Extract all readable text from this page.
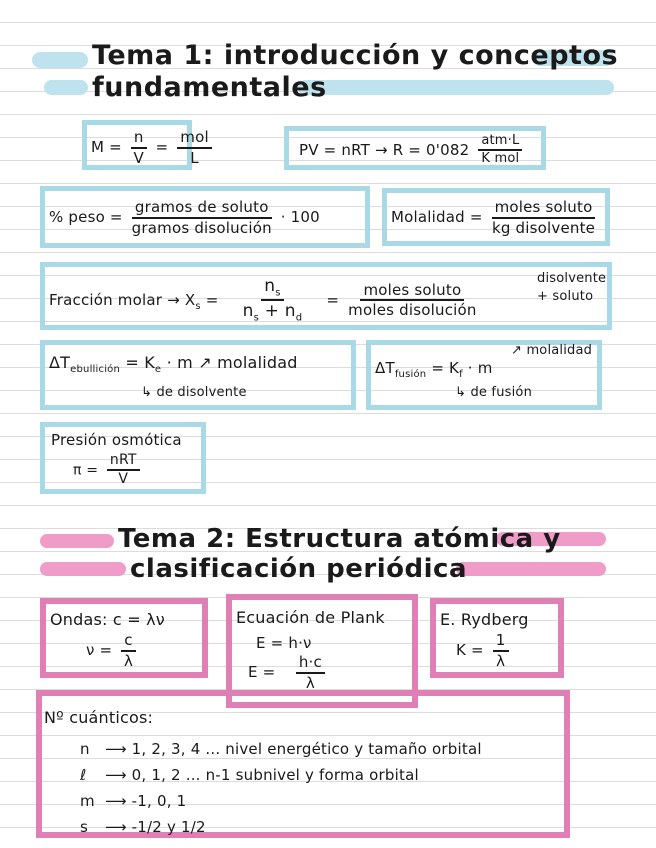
Tema 1: introducción y conceptos
fundamentales
$M = \frac{n}{V} = \frac{\text{mol}}{L}$	PV = nRT → $R = 0'082 \frac{\text{atm·L}}{\text{K mol}}$
% peso = $\frac{\text{gramos de soluto}}{\text{gramos disolución}} \cdot 100$	Molalidad = $\frac{\text{moles soluto}}{\text{kg disolvente}}$
Fracción molar → $X_s = \frac{n_s}{n_s + n_d} = \frac{\text{moles soluto}}{\text{moles disolución}}$
disolvente
+ soluto
$\Delta T_{ebullición} = K_e \cdot m$ ↗ molalidad
↳ de disolvente
$\Delta T_{fusión} = K_f \cdot m$
↗ molalidad
↳ de fusión
Presión osmótica
$\pi = \frac{\text{nRT}}{V}$
Tema 2: Estructura atómica y
clasificación periódica
Ondas: c = λν
$\nu = \frac{c}{\lambda}$
Ecuación de Plank
E = h·ν
$E = \frac{h\cdot c}{\lambda}$
E. Rydberg
$K = \frac{1}{\lambda}$
Nº cuánticos:
n ⟶ 1, 2, 3, 4 ... nivel energético y tamaño orbital
ℓ ⟶ 0, 1, 2 ... n-1 subnivel y forma orbital
m ⟶ -1, 0, 1
s ⟶ -1/2 y 1/2
